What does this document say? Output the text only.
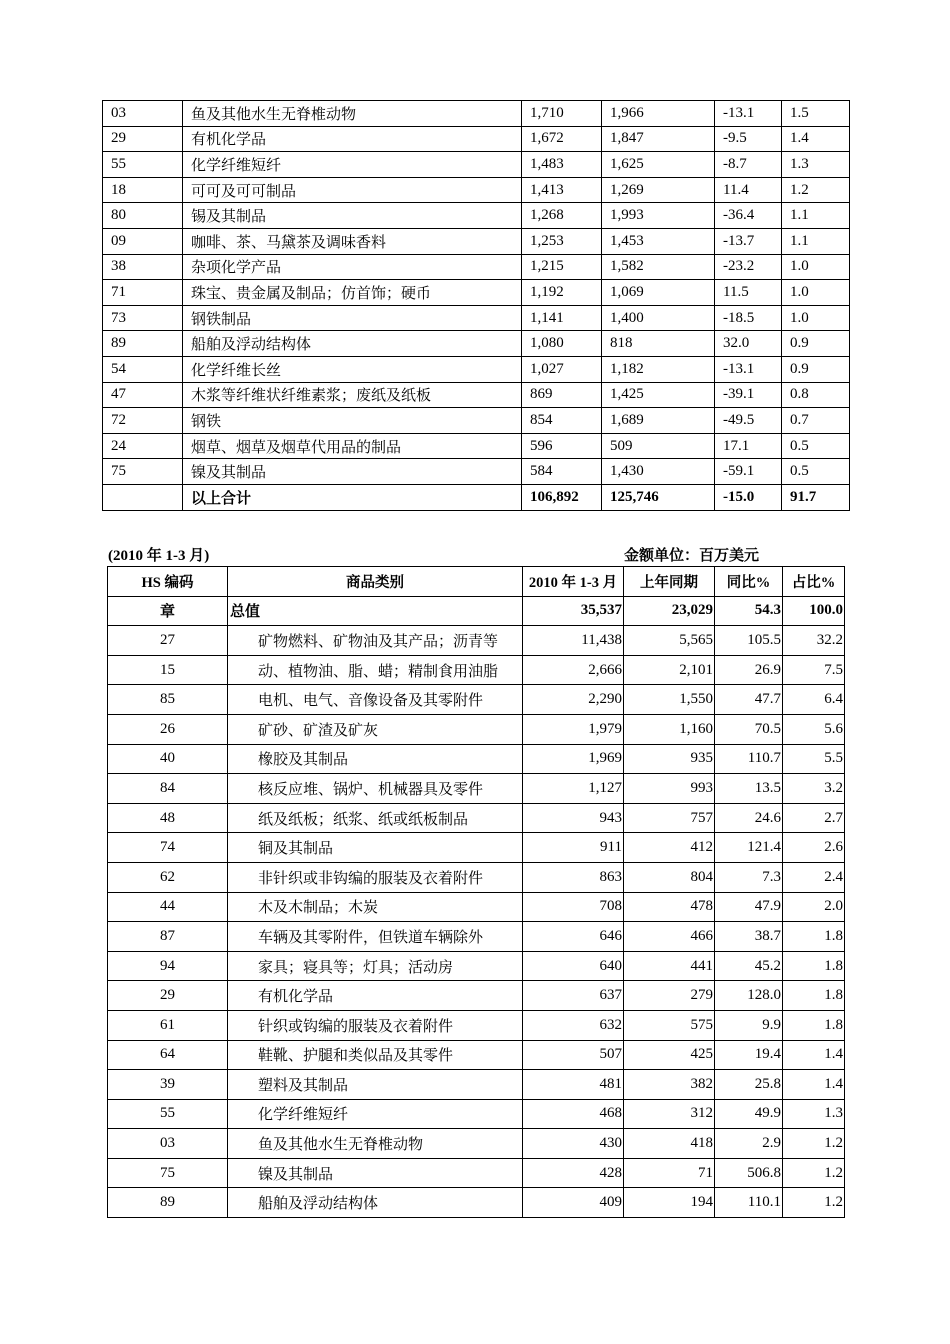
03	鱼及其他水生无脊椎动物	1,710	1,966	-13.1	1.5
29	有机化学品	1,672	1,847	-9.5	1.4
55	化学纤维短纤	1,483	1,625	-8.7	1.3
18	可可及可可制品	1,413	1,269	11.4	1.2
80	锡及其制品	1,268	1,993	-36.4	1.1
09	咖啡、茶、马黛茶及调味香料	1,253	1,453	-13.7	1.1
38	杂项化学产品	1,215	1,582	-23.2	1.0
71	珠宝、贵金属及制品；仿首饰；硬币	1,192	1,069	11.5	1.0
73	钢铁制品	1,141	1,400	-18.5	1.0
89	船舶及浮动结构体	1,080	818	32.0	0.9
54	化学纤维长丝	1,027	1,182	-13.1	0.9
47	木浆等纤维状纤维素浆；废纸及纸板	869	1,425	-39.1	0.8
72	钢铁	854	1,689	-49.5	0.7
24	烟草、烟草及烟草代用品的制品	596	509	17.1	0.5
75	镍及其制品	584	1,430	-59.1	0.5
	以上合计	106,892	125,746	-15.0	91.7
(2010 年 1-3 月)	金额单位：百万美元
HS 编码	商品类别	2010 年 1-3 月	上年同期	同比%	占比%
章	总值	35,537	23,029	54.3	100.0
27	矿物燃料、矿物油及其产品；沥青等	11,438	5,565	105.5	32.2
15	动、植物油、脂、蜡；精制食用油脂	2,666	2,101	26.9	7.5
85	电机、电气、音像设备及其零附件	2,290	1,550	47.7	6.4
26	矿砂、矿渣及矿灰	1,979	1,160	70.5	5.6
40	橡胶及其制品	1,969	935	110.7	5.5
84	核反应堆、锅炉、机械器具及零件	1,127	993	13.5	3.2
48	纸及纸板；纸浆、纸或纸板制品	943	757	24.6	2.7
74	铜及其制品	911	412	121.4	2.6
62	非针织或非钩编的服装及衣着附件	863	804	7.3	2.4
44	木及木制品；木炭	708	478	47.9	2.0
87	车辆及其零附件，但铁道车辆除外	646	466	38.7	1.8
94	家具；寝具等；灯具；活动房	640	441	45.2	1.8
29	有机化学品	637	279	128.0	1.8
61	针织或钩编的服装及衣着附件	632	575	9.9	1.8
64	鞋靴、护腿和类似品及其零件	507	425	19.4	1.4
39	塑料及其制品	481	382	25.8	1.4
55	化学纤维短纤	468	312	49.9	1.3
03	鱼及其他水生无脊椎动物	430	418	2.9	1.2
75	镍及其制品	428	71	506.8	1.2
89	船舶及浮动结构体	409	194	110.1	1.2
